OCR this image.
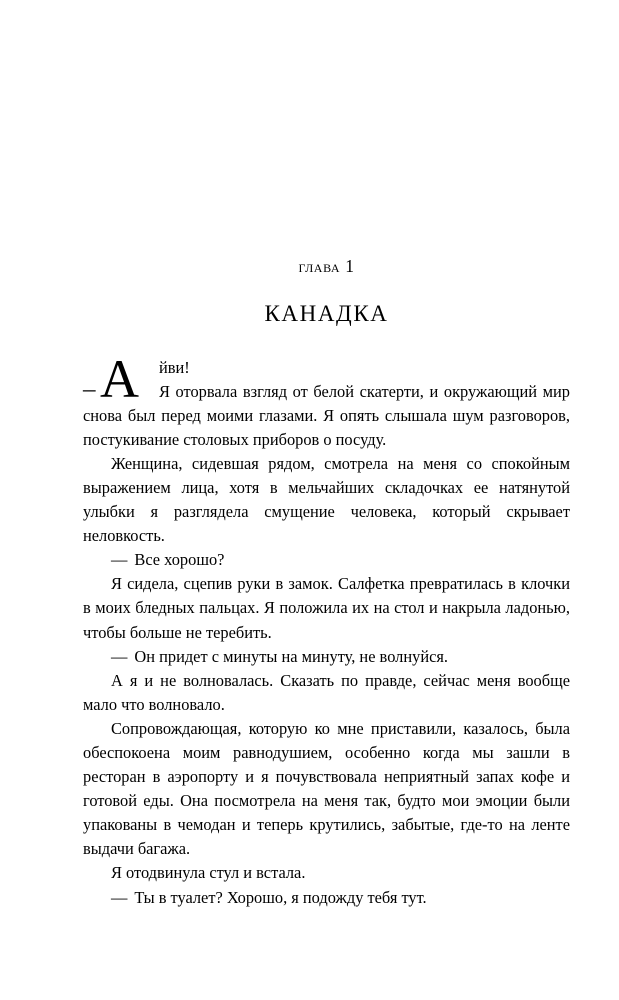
глава 1
КАНАДКА

– А йви!
Я оторвала взгляд от белой скатерти, и окружающий мир снова был перед моими глазами. Я опять слышала шум разговоров, постукивание столовых приборов о посуду.

Женщина, сидевшая рядом, смотрела на меня со спокойным выражением лица, хотя в мельчайших складочках ее натянутой улыбки я разглядела смущение человека, который скрывает неловкость.

— Все хорошо?

Я сидела, сцепив руки в замок. Салфетка превратилась в клочки в моих бледных пальцах. Я положила их на стол и накрыла ладонью, чтобы больше не теребить.

— Он придет с минуты на минуту, не волнуйся.

А я и не волновалась. Сказать по правде, сейчас меня вообще мало что волновало.

Сопровождающая, которую ко мне приставили, казалось, была обеспокоена моим равнодушием, особенно когда мы зашли в ресторан в аэропорту и я почувствовала неприятный запах кофе и готовой еды. Она посмотрела на меня так, будто мои эмоции были упакованы в чемодан и теперь крутились, забытые, где-то на ленте выдачи багажа.

Я отодвинула стул и встала.

— Ты в туалет? Хорошо, я подожду тебя тут.
